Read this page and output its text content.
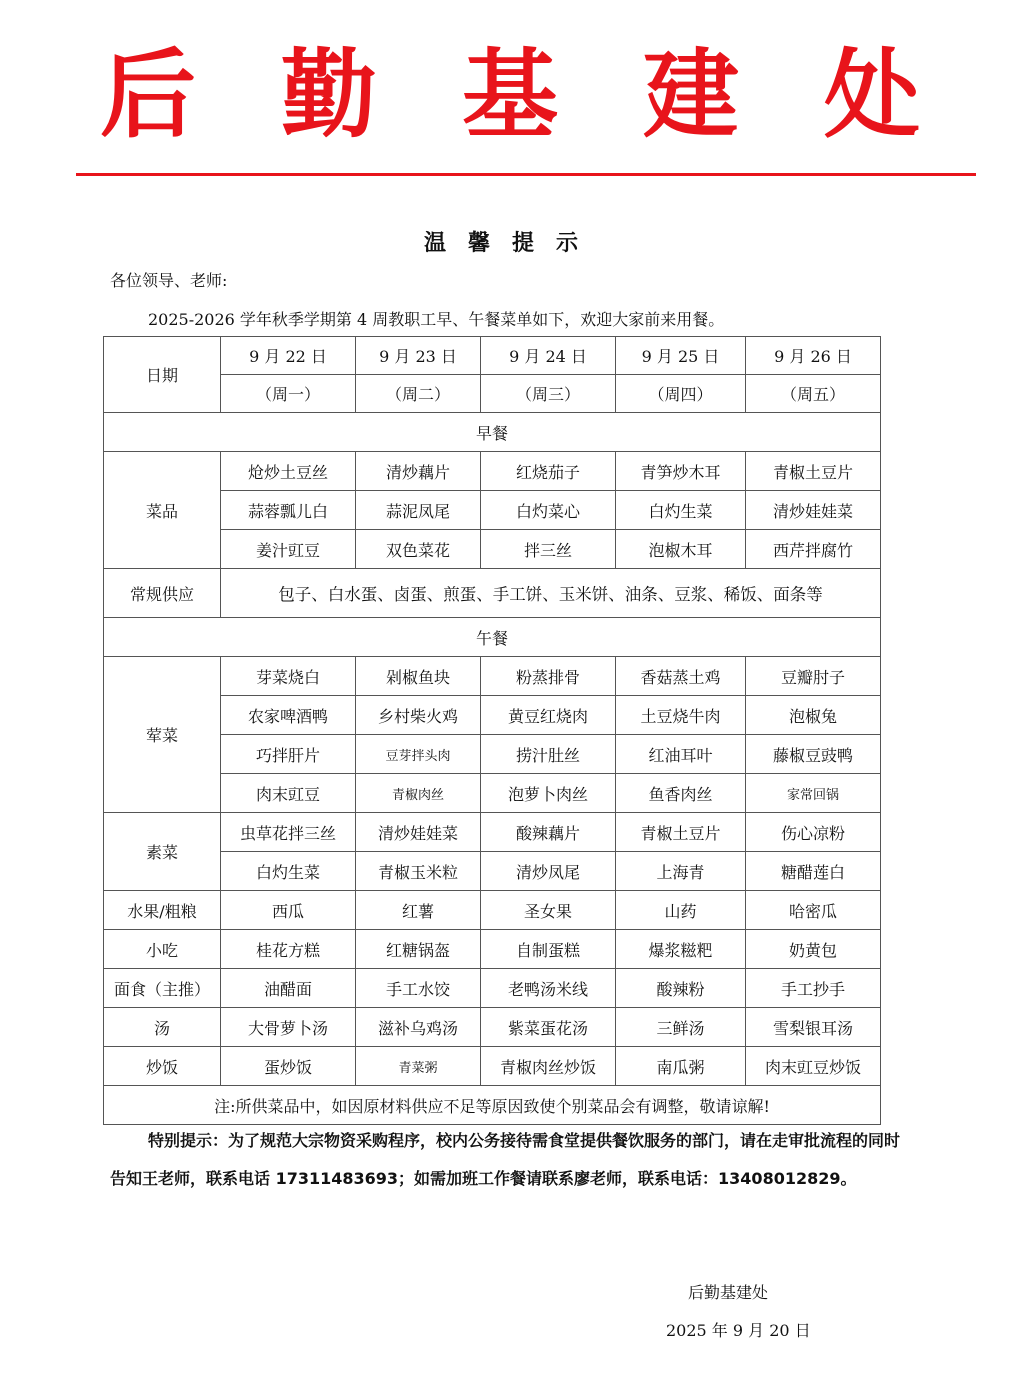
后 勤 基 建 处
温馨提示
各位领导、老师:
2025-2026 学年秋季学期第 4 周教职工早、午餐菜单如下，欢迎大家前来用餐。
日期	9 月 22 日	9 月 23 日	9 月 24 日	9 月 25 日	9 月 26 日
	（周一）	（周二）	（周三）	（周四）	（周五）
早餐					
菜品	炝炒土豆丝	清炒藕片	红烧茄子	青笋炒木耳	青椒土豆片
	蒜蓉瓢儿白	蒜泥凤尾	白灼菜心	白灼生菜	清炒娃娃菜
	姜汁豇豆	双色菜花	拌三丝	泡椒木耳	西芹拌腐竹
常规供应	包子、白水蛋、卤蛋、煎蛋、手工饼、玉米饼、油条、豆浆、稀饭、面条等				
午餐					
荤菜	芽菜烧白	剁椒鱼块	粉蒸排骨	香菇蒸土鸡	豆瓣肘子
	农家啤酒鸭	乡村柴火鸡	黄豆红烧肉	土豆烧牛肉	泡椒兔
	巧拌肝片	豆芽拌头肉	捞汁肚丝	红油耳叶	藤椒豆豉鸭
	肉末豇豆	青椒肉丝	泡萝卜肉丝	鱼香肉丝	家常回锅
素菜	虫草花拌三丝	清炒娃娃菜	酸辣藕片	青椒土豆片	伤心凉粉
	白灼生菜	青椒玉米粒	清炒凤尾	上海青	糖醋莲白
水果/粗粮	西瓜	红薯	圣女果	山药	哈密瓜
小吃	桂花方糕	红糖锅盔	自制蛋糕	爆浆糍粑	奶黄包
面食（主推）	油醋面	手工水饺	老鸭汤米线	酸辣粉	手工抄手
汤	大骨萝卜汤	滋补乌鸡汤	紫菜蛋花汤	三鲜汤	雪梨银耳汤
炒饭	蛋炒饭	青菜粥	青椒肉丝炒饭	南瓜粥	肉末豇豆炒饭
注:所供菜品中，如因原材料供应不足等原因致使个别菜品会有调整，敬请谅解!					
特别提示：为了规范大宗物资采购程序，校内公务接待需食堂提供餐饮服务的部门，请在走审批流程的同时告知王老师，联系电话 17311483693；如需加班工作餐请联系廖老师，联系电话：13408012829。
后勤基建处
2025 年 9 月 20 日
